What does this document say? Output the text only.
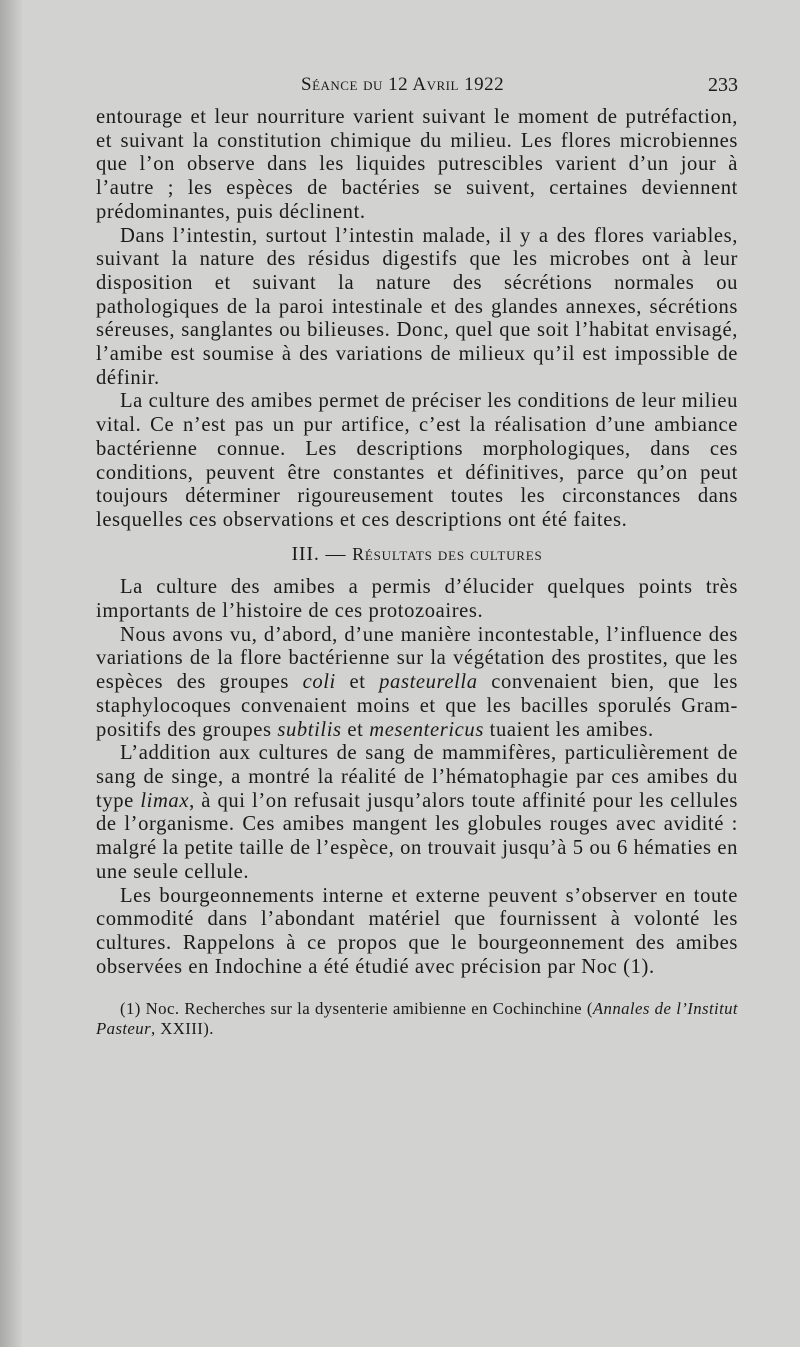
Séance du 12 Avril 1922	233

entourage et leur nourriture varient suivant le moment de putréfaction, et suivant la constitution chimique du milieu. Les flores microbiennes que l’on observe dans les liquides putrescibles varient d’un jour à l’autre ; les espèces de bactéries se suivent, certaines deviennent prédominantes, puis déclinent.

Dans l’intestin, surtout l’intestin malade, il y a des flores variables, suivant la nature des résidus digestifs que les microbes ont à leur disposition et suivant la nature des sécrétions normales ou pathologiques de la paroi intestinale et des glandes annexes, sécrétions séreuses, sanglantes ou bilieuses. Donc, quel que soit l’habitat envisagé, l’amibe est soumise à des variations de milieux qu’il est impossible de définir.

La culture des amibes permet de préciser les conditions de leur milieu vital. Ce n’est pas un pur artifice, c’est la réalisation d’une ambiance bactérienne connue. Les descriptions morphologiques, dans ces conditions, peuvent être constantes et définitives, parce qu’on peut toujours déterminer rigoureusement toutes les circonstances dans lesquelles ces observations et ces descriptions ont été faites.

III. — Résultats des cultures

La culture des amibes a permis d’élucider quelques points très importants de l’histoire de ces protozoaires.

Nous avons vu, d’abord, d’une manière incontestable, l’influence des variations de la flore bactérienne sur la végétation des prostites, que les espèces des groupes coli et pasteurella convenaient bien, que les staphylocoques convenaient moins et que les bacilles sporulés Gram-positifs des groupes subtilis et mesentericus tuaient les amibes.

L’addition aux cultures de sang de mammifères, particulièrement de sang de singe, a montré la réalité de l’hématophagie par ces amibes du type limax, à qui l’on refusait jusqu’alors toute affinité pour les cellules de l’organisme. Ces amibes mangent les globules rouges avec avidité : malgré la petite taille de l’espèce, on trouvait jusqu’à 5 ou 6 hématies en une seule cellule.

Les bourgeonnements interne et externe peuvent s’observer en toute commodité dans l’abondant matériel que fournissent à volonté les cultures. Rappelons à ce propos que le bourgeonnement des amibes observées en Indochine a été étudié avec précision par Noc (1).

(1) Noc. Recherches sur la dysenterie amibienne en Cochinchine (Annales de l’Institut Pasteur, XXIII).
